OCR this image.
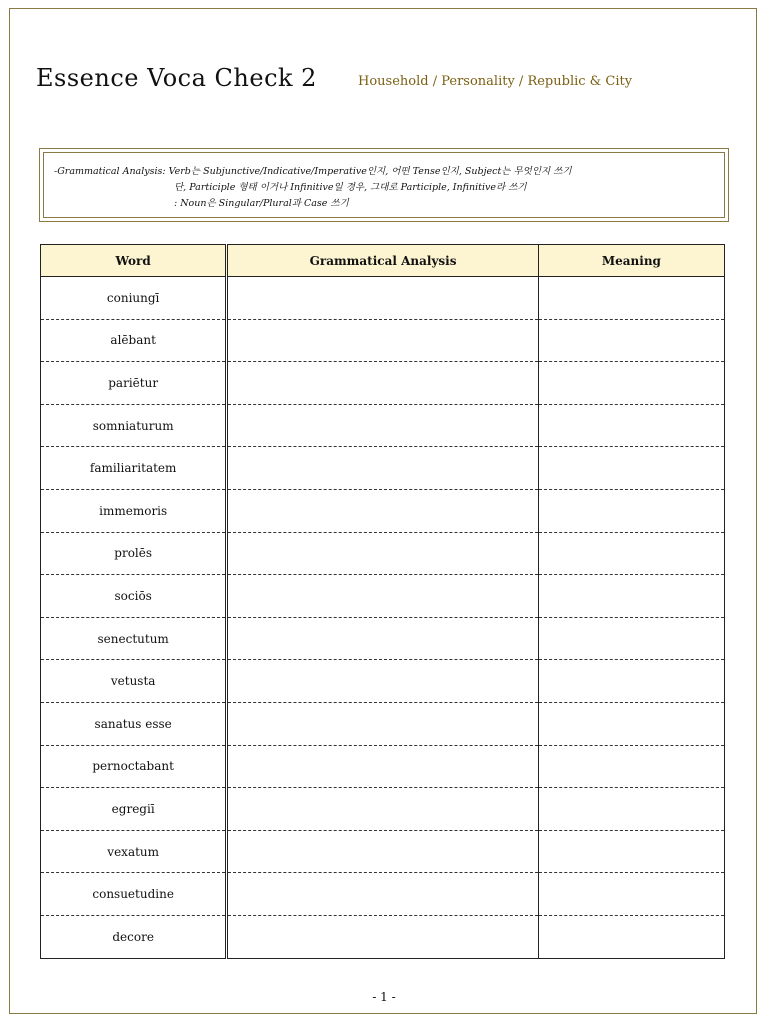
Essence Voca Check 2	Household / Personality / Republic & City
-Grammatical Analysis: Verb는 Subjunctive/Indicative/Imperative인지, 어떤 Tense인지, Subject는 무엇인지 쓰기
단, Participle 형태 이거나 Infinitive일 경우, 그대로 Participle, Infinitive라 쓰기
: Noun은 Singular/Plural과 Case 쓰기
Word	Grammatical Analysis	Meaning
coniungī		
alēbant		
pariētur		
somniaturum		
familiaritatem		
immemoris		
prolēs		
sociōs		
senectutum		
vetusta		
sanatus esse		
pernoctabant		
egregiī		
vexatum		
consuetudine		
decore		
- 1 -
